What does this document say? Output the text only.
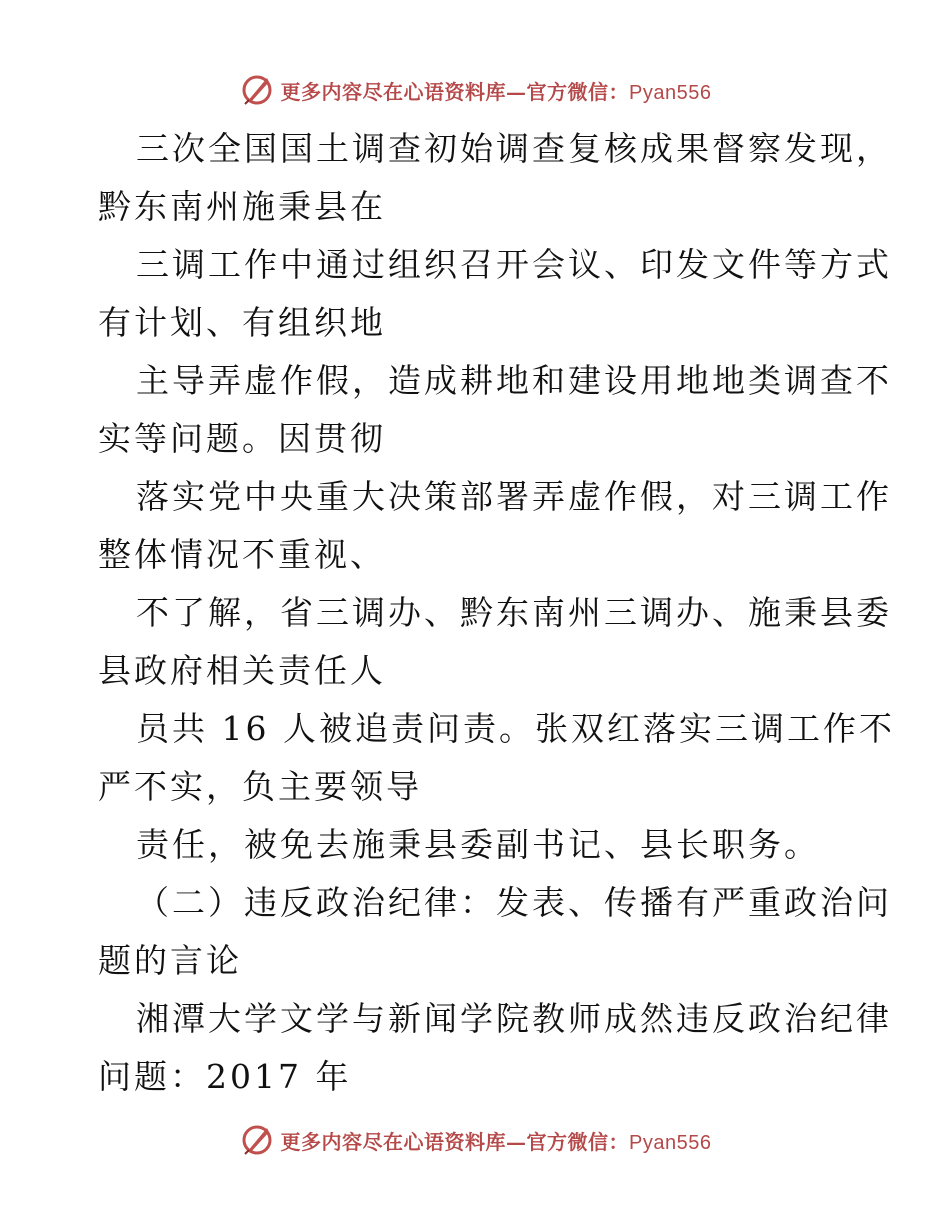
更多内容尽在心语资料库—官方微信：Pyan556
三次全国国土调查初始调查复核成果督察发现，
黔东南州施秉县在
三调工作中通过组织召开会议、印发文件等方式
有计划、有组织地
主导弄虚作假，造成耕地和建设用地地类调查不
实等问题。因贯彻
落实党中央重大决策部署弄虚作假，对三调工作
整体情况不重视、
不了解，省三调办、黔东南州三调办、施秉县委
县政府相关责任人
员共 16 人被追责问责。张双红落实三调工作不
严不实，负主要领导
责任，被免去施秉县委副书记、县长职务。
（二）违反政治纪律：发表、传播有严重政治问
题的言论
湘潭大学文学与新闻学院教师成然违反政治纪律
问题：2017 年
更多内容尽在心语资料库—官方微信：Pyan556
